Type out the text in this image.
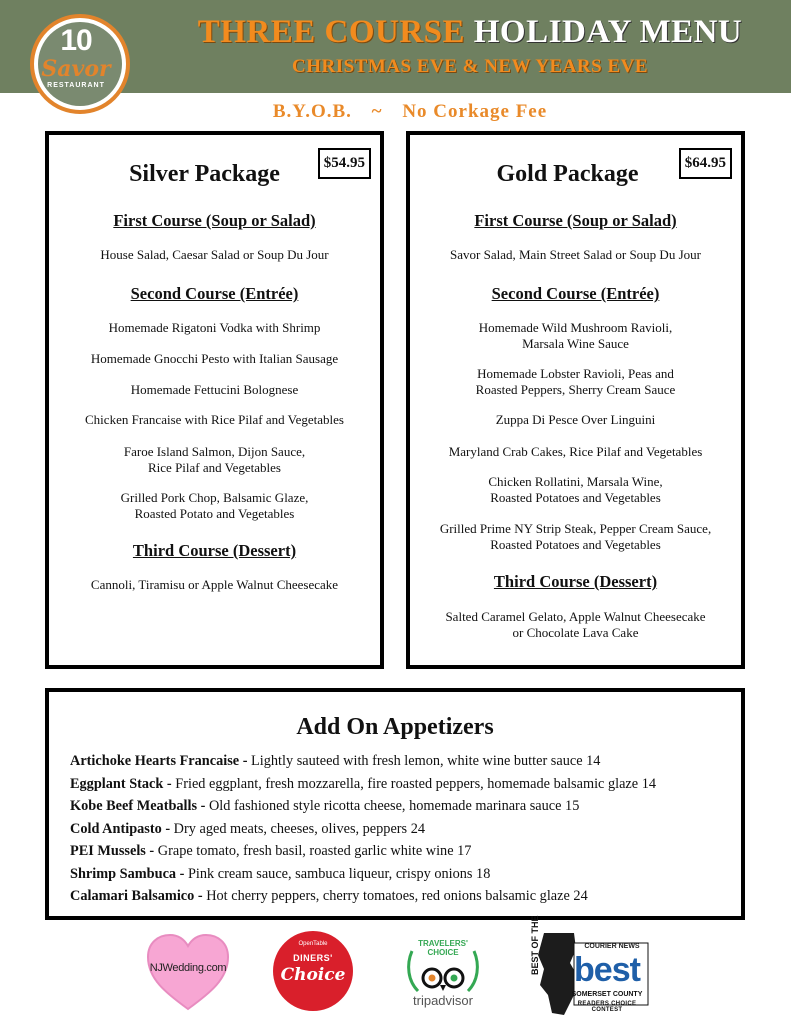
10
Savor
RESTAURANT
THREE COURSE HOLIDAY MENU
CHRISTMAS EVE & NEW YEARS EVE
B.Y.O.B. ~ No Corkage Fee
Silver Package	$54.95
First Course (Soup or Salad)
House Salad, Caesar Salad or Soup Du Jour
Second Course (Entrée)
Homemade Rigatoni Vodka with Shrimp
Homemade Gnocchi Pesto with Italian Sausage
Homemade Fettucini Bolognese
Chicken Francaise with Rice Pilaf and Vegetables
Faroe Island Salmon, Dijon Sauce,
Rice Pilaf and Vegetables
Grilled Pork Chop, Balsamic Glaze,
Roasted Potato and Vegetables
Third Course (Dessert)
Cannoli, Tiramisu or Apple Walnut Cheesecake
Gold Package	$64.95
First Course (Soup or Salad)
Savor Salad, Main Street Salad or Soup Du Jour
Second Course (Entrée)
Homemade Wild Mushroom Ravioli,
Marsala Wine Sauce
Homemade Lobster Ravioli, Peas and
Roasted Peppers, Sherry Cream Sauce
Zuppa Di Pesce Over Linguini
Maryland Crab Cakes, Rice Pilaf and Vegetables
Chicken Rollatini, Marsala Wine,
Roasted Potatoes and Vegetables
Grilled Prime NY Strip Steak, Pepper Cream Sauce,
Roasted Potatoes and Vegetables
Third Course (Dessert)
Salted Caramel Gelato, Apple Walnut Cheesecake
or Chocolate Lava Cake
Add On Appetizers
Artichoke Hearts Francaise - Lightly sauteed with fresh lemon, white wine butter sauce 14
Eggplant Stack - Fried eggplant, fresh mozzarella, fire roasted peppers, homemade balsamic glaze 14
Kobe Beef Meatballs - Old fashioned style ricotta cheese, homemade marinara sauce 15
Cold Antipasto - Dry aged meats, cheeses, olives, peppers 24
PEI Mussels - Grape tomato, fresh basil, roasted garlic white wine 17
Shrimp Sambuca - Pink cream sauce, sambuca liqueur, crispy onions 18
Calamari Balsamico - Hot cherry peppers, cherry tomatoes, red onions balsamic glaze 24
NJWedding.com
OpenTable
DINERS'
Choice
TRAVELERS'
CHOICE
tripadvisor
BEST OF THE	COURIER NEWS
best
SOMERSET COUNTY
READERS CHOICE CONTEST
